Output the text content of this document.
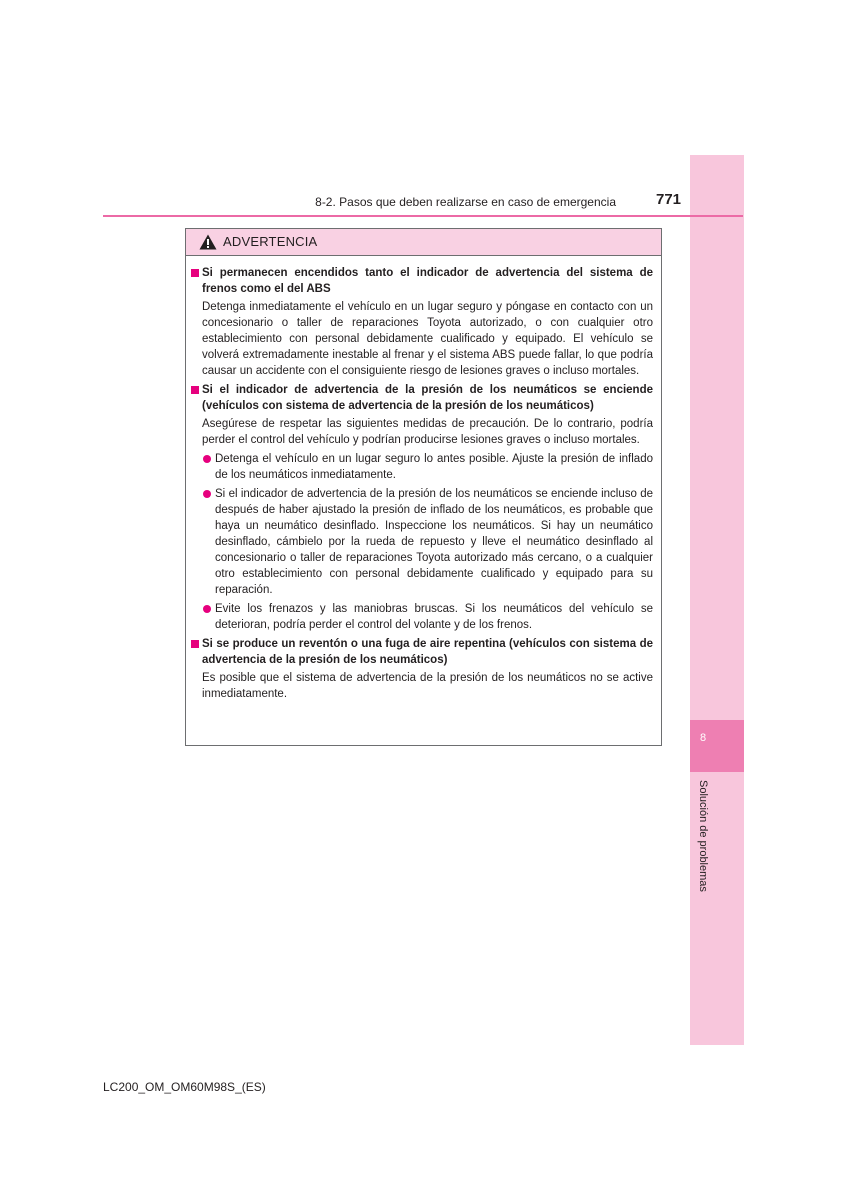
8
Solución de problemas
8-2. Pasos que deben realizarse en caso de emergencia	771
ADVERTENCIA
Si permanecen encendidos tanto el indicador de advertencia del sistema de frenos como el del ABS
Detenga inmediatamente el vehículo en un lugar seguro y póngase en contacto con un concesionario o taller de reparaciones Toyota autorizado, o con cualquier otro establecimiento con personal debidamente cualificado y equipado. El vehículo se volverá extremadamente inestable al frenar y el sistema ABS puede fallar, lo que podría causar un accidente con el consiguiente riesgo de lesiones graves o incluso mortales.
Si el indicador de advertencia de la presión de los neumáticos se enciende (vehículos con sistema de advertencia de la presión de los neumáticos)
Asegúrese de respetar las siguientes medidas de precaución. De lo contrario, podría perder el control del vehículo y podrían producirse lesiones graves o incluso mortales.
Detenga el vehículo en un lugar seguro lo antes posible. Ajuste la presión de inflado de los neumáticos inmediatamente.
Si el indicador de advertencia de la presión de los neumáticos se enciende incluso de después de haber ajustado la presión de inflado de los neumáticos, es probable que haya un neumático desinflado. Inspeccione los neumáticos. Si hay un neumático desinflado, cámbielo por la rueda de repuesto y lleve el neumático desinflado al concesionario o taller de reparaciones Toyota autorizado más cercano, o a cualquier otro establecimiento con personal debidamente cualificado y equipado para su reparación.
Evite los frenazos y las maniobras bruscas. Si los neumáticos del vehículo se deterioran, podría perder el control del volante y de los frenos.
Si se produce un reventón o una fuga de aire repentina (vehículos con sistema de advertencia de la presión de los neumáticos)
Es posible que el sistema de advertencia de la presión de los neumáticos no se active inmediatamente.
LC200_OM_OM60M98S_(ES)
